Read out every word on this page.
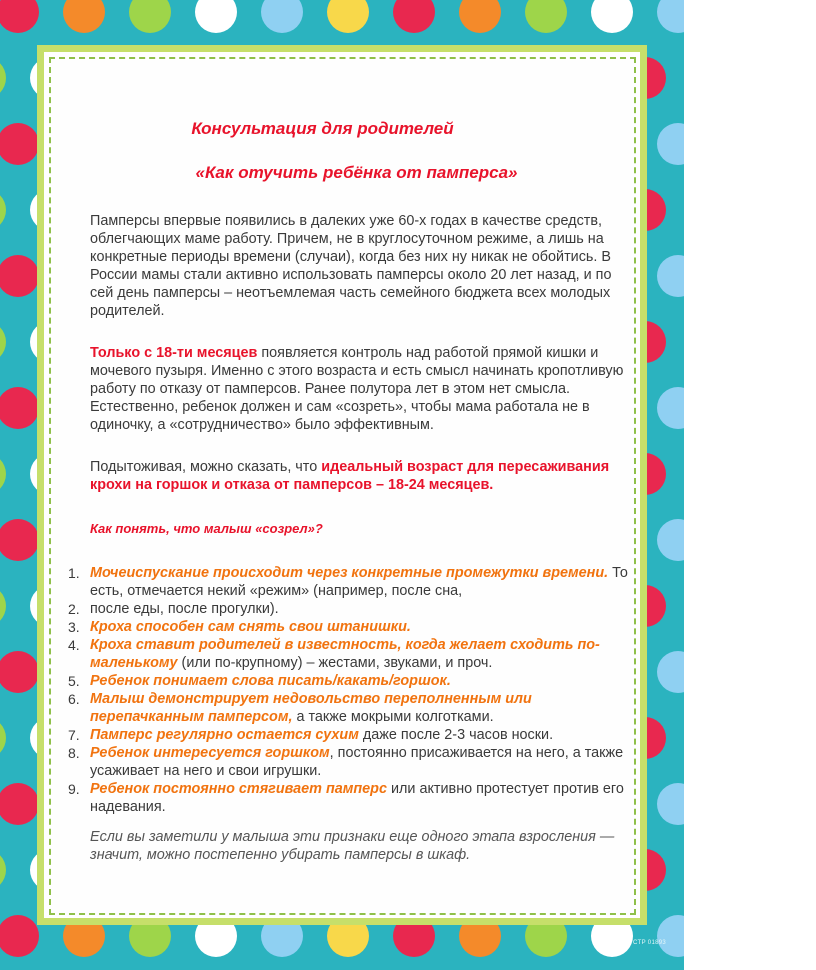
Консультация для родителей

«Как отучить ребёнка от памперса»

Памперсы впервые появились в далеких уже 60-х годах в качестве средств, облегчающих маме работу. Причем, не в круглосуточном режиме, а лишь на конкретные периоды времени (случаи), когда без них ну никак не обойтись. В России мамы стали активно использовать памперсы около 20 лет назад, и по сей день памперсы – неотъемлемая часть семейного бюджета всех молодых родителей.

Только с 18-ти месяцев появляется контроль над работой прямой кишки и мочевого пузыря. Именно с этого возраста и есть смысл начинать кропотливую работу по отказу от памперсов. Ранее полутора лет в этом нет смысла. Естественно, ребенок должен и сам «созреть», чтобы мама работала не в одиночку, а «сотрудничество» было эффективным.

Подытоживая, можно сказать, что идеальный возраст для пересаживания крохи на горшок и отказа от памперсов – 18-24 месяцев.

Как понять, что малыш «созрел»?

1. Мочеиспускание происходит через конкретные промежутки времени. То есть, отмечается некий «режим» (например, после сна,
2. после еды, после прогулки).
3. Кроха способен сам снять свои штанишки.
4. Кроха ставит родителей в известность, когда желает сходить по-маленькому (или по-крупному) – жестами, звуками, и проч.
5. Ребенок понимает слова писать/какать/горшок.
6. Малыш демонстрирует недовольство переполненным или перепачканным памперсом, а также мокрыми колготками.
7. Памперс регулярно остается сухим даже после 2-3 часов носки.
8. Ребенок интересуется горшком, постоянно присаживается на него, а также усаживает на него и свои игрушки.
9. Ребенок постоянно стягивает памперс или активно протестует против его надевания.

Если вы заметили у малыша эти признаки еще одного этапа взросления — значит, можно постепенно убирать памперсы в шкаф.

CTP 01893
